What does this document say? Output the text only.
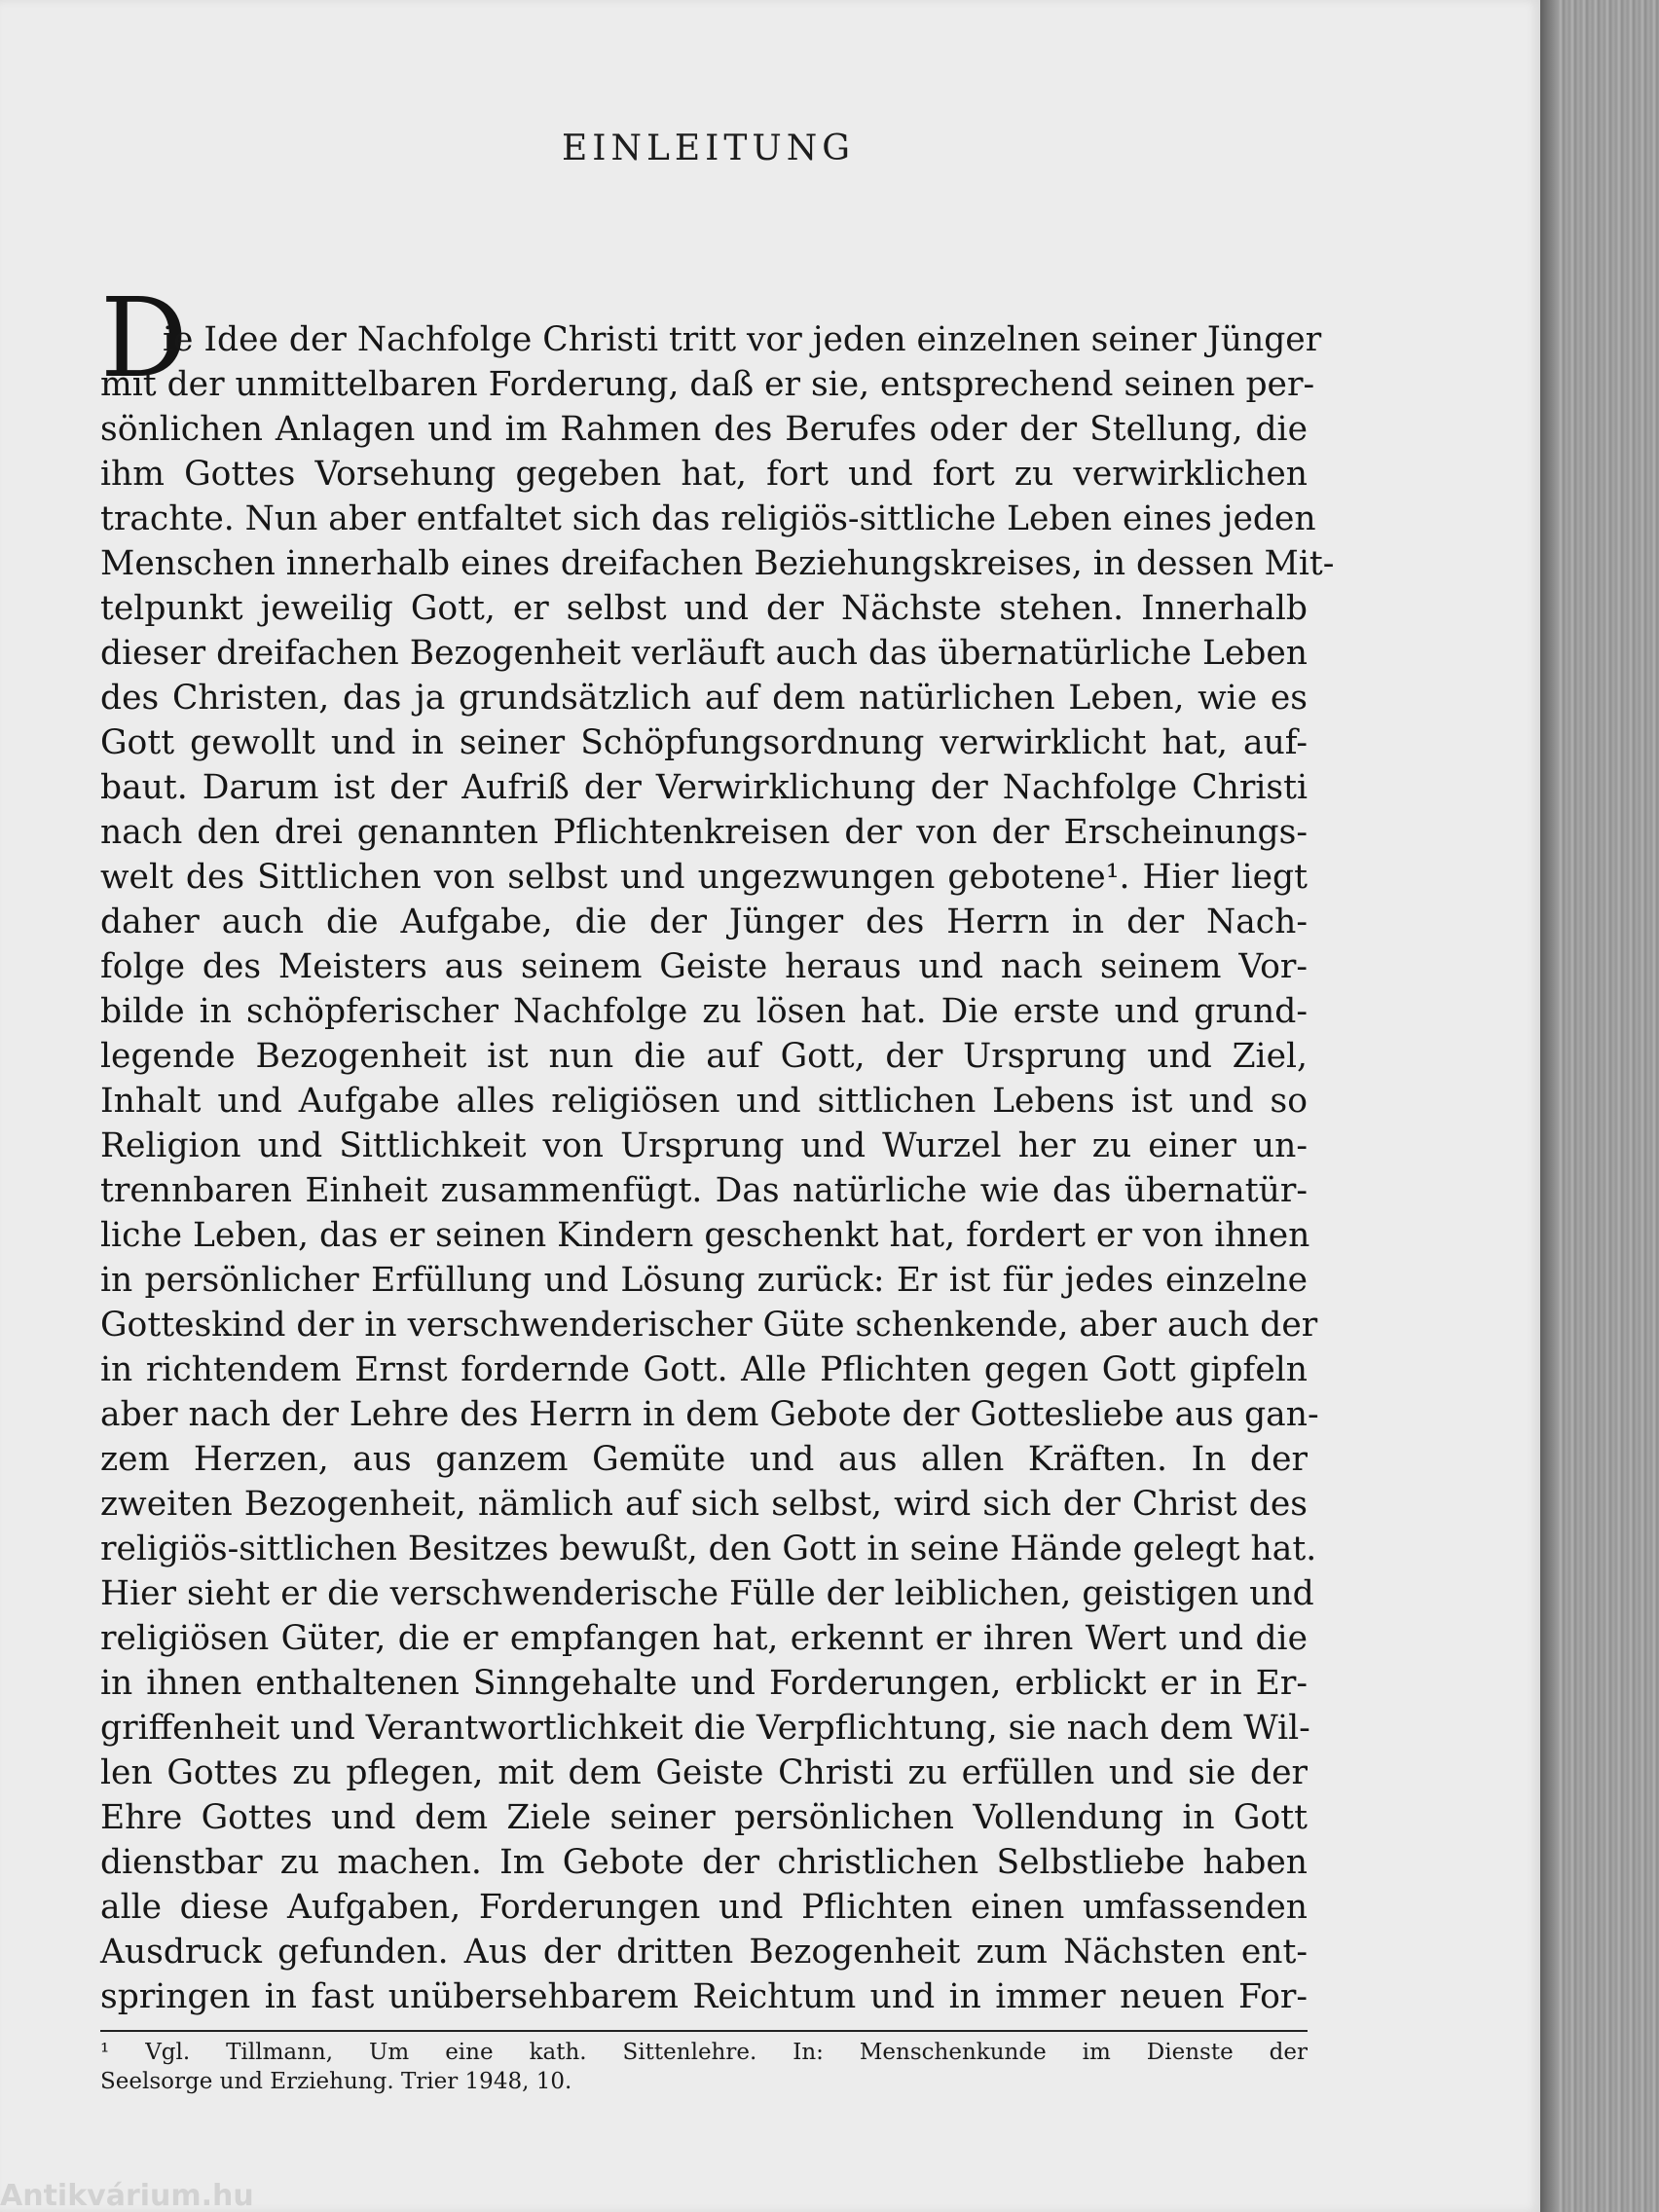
EINLEITUNG
D
ie Idee der Nachfolge Christi tritt vor jeden einzelnen seiner Jünger
mit der unmittelbaren Forderung, daß er sie, entsprechend seinen per-
sönlichen Anlagen und im Rahmen des Berufes oder der Stellung, die
ihm Gottes Vorsehung gegeben hat, fort und fort zu verwirklichen
trachte. Nun aber entfaltet sich das religiös-sittliche Leben eines jeden
Menschen innerhalb eines dreifachen Beziehungskreises, in dessen Mit-
telpunkt jeweilig Gott, er selbst und der Nächste stehen. Innerhalb
dieser dreifachen Bezogenheit verläuft auch das übernatürliche Leben
des Christen, das ja grundsätzlich auf dem natürlichen Leben, wie es
Gott gewollt und in seiner Schöpfungsordnung verwirklicht hat, auf-
baut. Darum ist der Aufriß der Verwirklichung der Nachfolge Christi
nach den drei genannten Pflichtenkreisen der von der Erscheinungs-
welt des Sittlichen von selbst und ungezwungen gebotene¹. Hier liegt
daher auch die Aufgabe, die der Jünger des Herrn in der Nach-
folge des Meisters aus seinem Geiste heraus und nach seinem Vor-
bilde in schöpferischer Nachfolge zu lösen hat. Die erste und grund-
legende Bezogenheit ist nun die auf Gott, der Ursprung und Ziel,
Inhalt und Aufgabe alles religiösen und sittlichen Lebens ist und so
Religion und Sittlichkeit von Ursprung und Wurzel her zu einer un-
trennbaren Einheit zusammenfügt. Das natürliche wie das übernatür-
liche Leben, das er seinen Kindern geschenkt hat, fordert er von ihnen
in persönlicher Erfüllung und Lösung zurück: Er ist für jedes einzelne
Gotteskind der in verschwenderischer Güte schenkende, aber auch der
in richtendem Ernst fordernde Gott. Alle Pflichten gegen Gott gipfeln
aber nach der Lehre des Herrn in dem Gebote der Gottesliebe aus gan-
zem Herzen, aus ganzem Gemüte und aus allen Kräften. In der
zweiten Bezogenheit, nämlich auf sich selbst, wird sich der Christ des
religiös-sittlichen Besitzes bewußt, den Gott in seine Hände gelegt hat.
Hier sieht er die verschwenderische Fülle der leiblichen, geistigen und
religiösen Güter, die er empfangen hat, erkennt er ihren Wert und die
in ihnen enthaltenen Sinngehalte und Forderungen, erblickt er in Er-
griffenheit und Verantwortlichkeit die Verpflichtung, sie nach dem Wil-
len Gottes zu pflegen, mit dem Geiste Christi zu erfüllen und sie der
Ehre Gottes und dem Ziele seiner persönlichen Vollendung in Gott
dienstbar zu machen. Im Gebote der christlichen Selbstliebe haben
alle diese Aufgaben, Forderungen und Pflichten einen umfassenden
Ausdruck gefunden. Aus der dritten Bezogenheit zum Nächsten ent-
springen in fast unübersehbarem Reichtum und in immer neuen For-
¹ Vgl. Tillmann, Um eine kath. Sittenlehre. In: Menschenkunde im Dienste der
Seelsorge und Erziehung. Trier 1948, 10.
Antikvárium.hu
